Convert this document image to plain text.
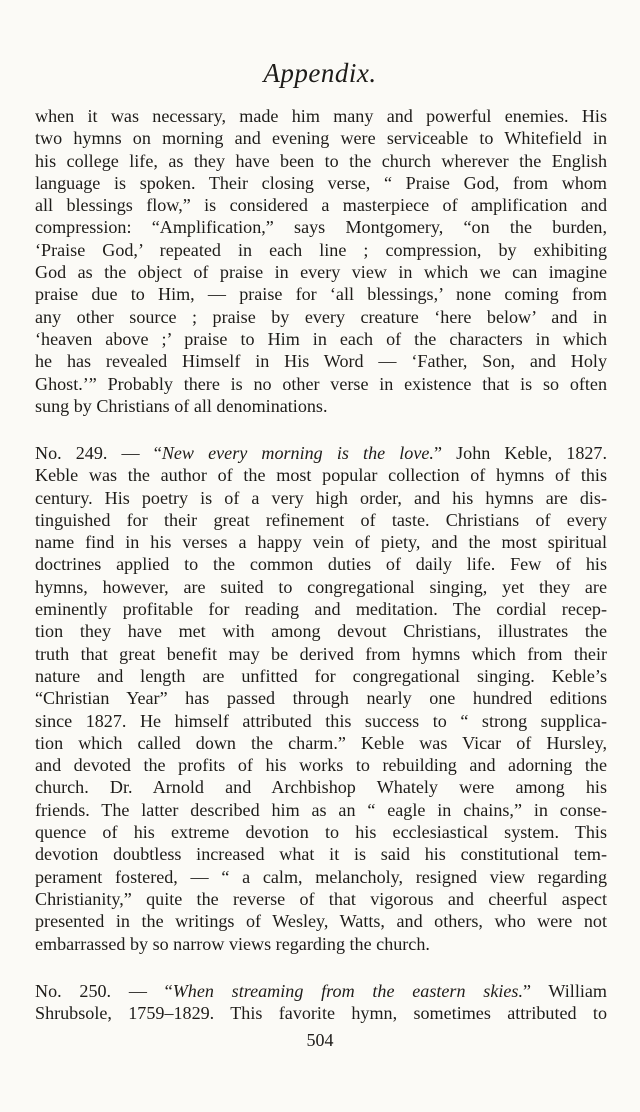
Appendix.
when it was necessary, made him many and powerful enemies. His
two hymns on morning and evening were serviceable to Whitefield in
his college life, as they have been to the church wherever the English
language is spoken. Their closing verse, “ Praise God, from whom
all blessings flow,” is considered a masterpiece of amplification and
compression: “Amplification,” says Montgomery, “on the burden,
‘Praise God,’ repeated in each line ; compression, by exhibiting
God as the object of praise in every view in which we can imagine
praise due to Him, — praise for ‘all blessings,’ none coming from
any other source ; praise by every creature ‘here below’ and in
‘heaven above ;’ praise to Him in each of the characters in which
he has revealed Himself in His Word — ‘Father, Son, and Holy
Ghost.’” Probably there is no other verse in existence that is so often
sung by Christians of all denominations.
No. 249. — “New every morning is the love.” John Keble, 1827.
Keble was the author of the most popular collection of hymns of this
century. His poetry is of a very high order, and his hymns are dis-
tinguished for their great refinement of taste. Christians of every
name find in his verses a happy vein of piety, and the most spiritual
doctrines applied to the common duties of daily life. Few of his
hymns, however, are suited to congregational singing, yet they are
eminently profitable for reading and meditation. The cordial recep-
tion they have met with among devout Christians, illustrates the
truth that great benefit may be derived from hymns which from their
nature and length are unfitted for congregational singing. Keble’s
“Christian Year” has passed through nearly one hundred editions
since 1827. He himself attributed this success to “ strong supplica-
tion which called down the charm.” Keble was Vicar of Hursley,
and devoted the profits of his works to rebuilding and adorning the
church. Dr. Arnold and Archbishop Whately were among his
friends. The latter described him as an “ eagle in chains,” in conse-
quence of his extreme devotion to his ecclesiastical system. This
devotion doubtless increased what it is said his constitutional tem-
perament fostered, — “ a calm, melancholy, resigned view regarding
Christianity,” quite the reverse of that vigorous and cheerful aspect
presented in the writings of Wesley, Watts, and others, who were not
embarrassed by so narrow views regarding the church.
No. 250. — “When streaming from the eastern skies.” William
Shrubsole, 1759–1829. This favorite hymn, sometimes attributed to
504
